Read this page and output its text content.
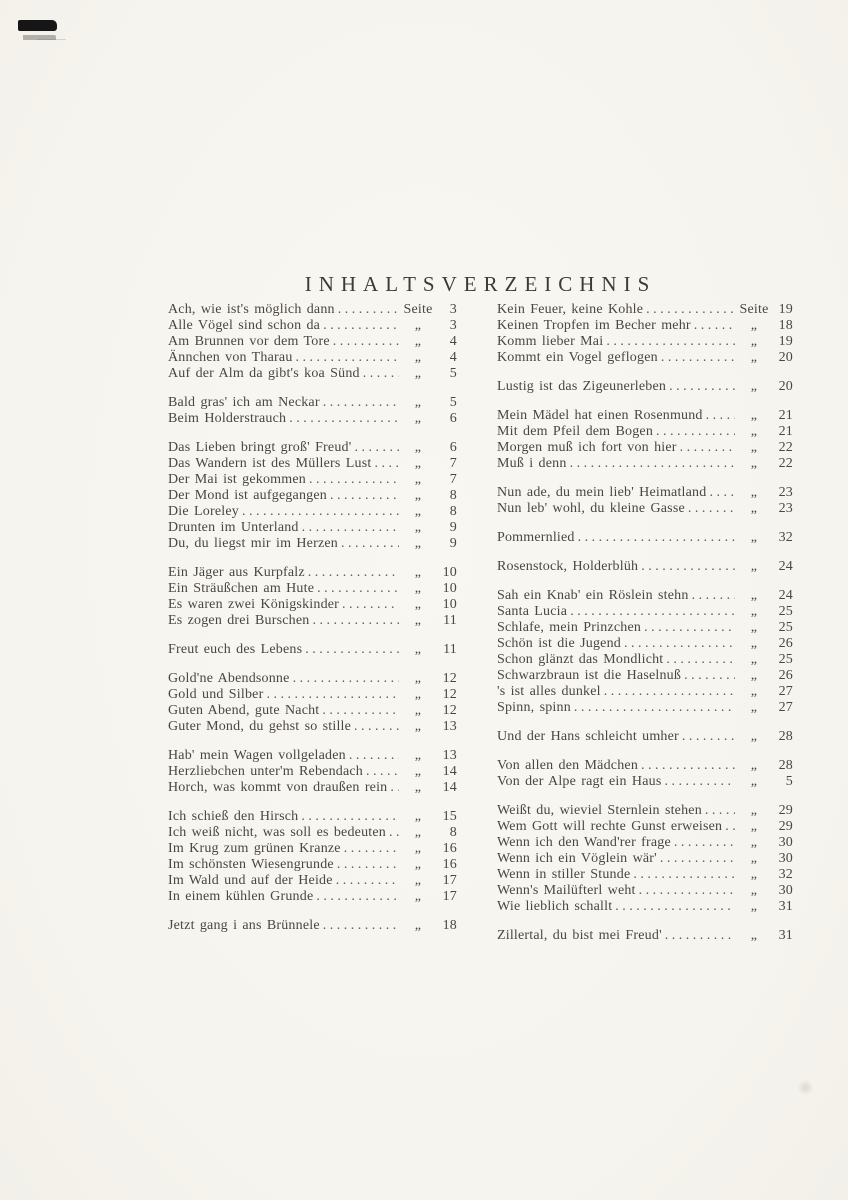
INHALTSVERZEICHNIS
Ach, wie ist's möglich dann .....	Seite	3
Alle Vögel sind schon da .....	„	3
Am Brunnen vor dem Tore .....	„	4
Ännchen von Tharau .....	„	4
Auf der Alm da gibt's koa Sünd .....	„	5
Bald gras' ich am Neckar .....	„	5
Beim Holderstrauch .....	„	6
Das Lieben bringt groß' Freud' .....	„	6
Das Wandern ist des Müllers Lust .....	„	7
Der Mai ist gekommen .....	„	7
Der Mond ist aufgegangen .....	„	8
Die Loreley .....	„	8
Drunten im Unterland .....	„	9
Du, du liegst mir im Herzen .....	„	9
Ein Jäger aus Kurpfalz .....	„	10
Ein Sträußchen am Hute .....	„	10
Es waren zwei Königskinder .....	„	10
Es zogen drei Burschen .....	„	11
Freut euch des Lebens .....	„	11
Gold'ne Abendsonne .....	„	12
Gold und Silber .....	„	12
Guten Abend, gute Nacht .....	„	12
Guter Mond, du gehst so stille .....	„	13
Hab' mein Wagen vollgeladen .....	„	13
Herzliebchen unter'm Rebendach .....	„	14
Horch, was kommt von draußen rein .....	„	14
Ich schieß den Hirsch .....	„	15
Ich weiß nicht, was soll es bedeuten .....	„	8
Im Krug zum grünen Kranze .....	„	16
Im schönsten Wiesengrunde .....	„	16
Im Wald und auf der Heide .....	„	17
In einem kühlen Grunde .....	„	17
Jetzt gang i ans Brünnele .....	„	18
Kein Feuer, keine Kohle .....	Seite 19
Keinen Tropfen im Becher mehr .....	„	18
Komm lieber Mai .....	„	19
Kommt ein Vogel geflogen .....	„	20
Lustig ist das Zigeunerleben .....	„	20
Mein Mädel hat einen Rosenmund .....	„	21
Mit dem Pfeil dem Bogen .....	„	21
Morgen muß ich fort von hier .....	„	22
Muß i denn .....	„	22
Nun ade, du mein lieb' Heimatland .....	„	23
Nun leb' wohl, du kleine Gasse .....	„	23
Pommernlied .....	„	32
Rosenstock, Holderblüh .....	„	24
Sah ein Knab' ein Röslein stehn .....	„	24
Santa Lucia .....	„	25
Schlafe, mein Prinzchen .....	„	25
Schön ist die Jugend .....	„	26
Schon glänzt das Mondlicht .....	„	25
Schwarzbraun ist die Haselnuß .....	„	26
's ist alles dunkel .....	„	27
Spinn, spinn .....	„	27
Und der Hans schleicht umher .....	„	28
Von allen den Mädchen .....	„	28
Von der Alpe ragt ein Haus .....	„	5
Weißt du, wieviel Sternlein stehen .....	„	29
Wem Gott will rechte Gunst erweisen .....	„	29
Wenn ich den Wand'rer frage .....	„	30
Wenn ich ein Vöglein wär' .....	„	30
Wenn in stiller Stunde .....	„	32
Wenn's Mailüfterl weht .....	„	30
Wie lieblich schallt .....	„	31
Zillertal, du bist mei Freud' .....	„	31
